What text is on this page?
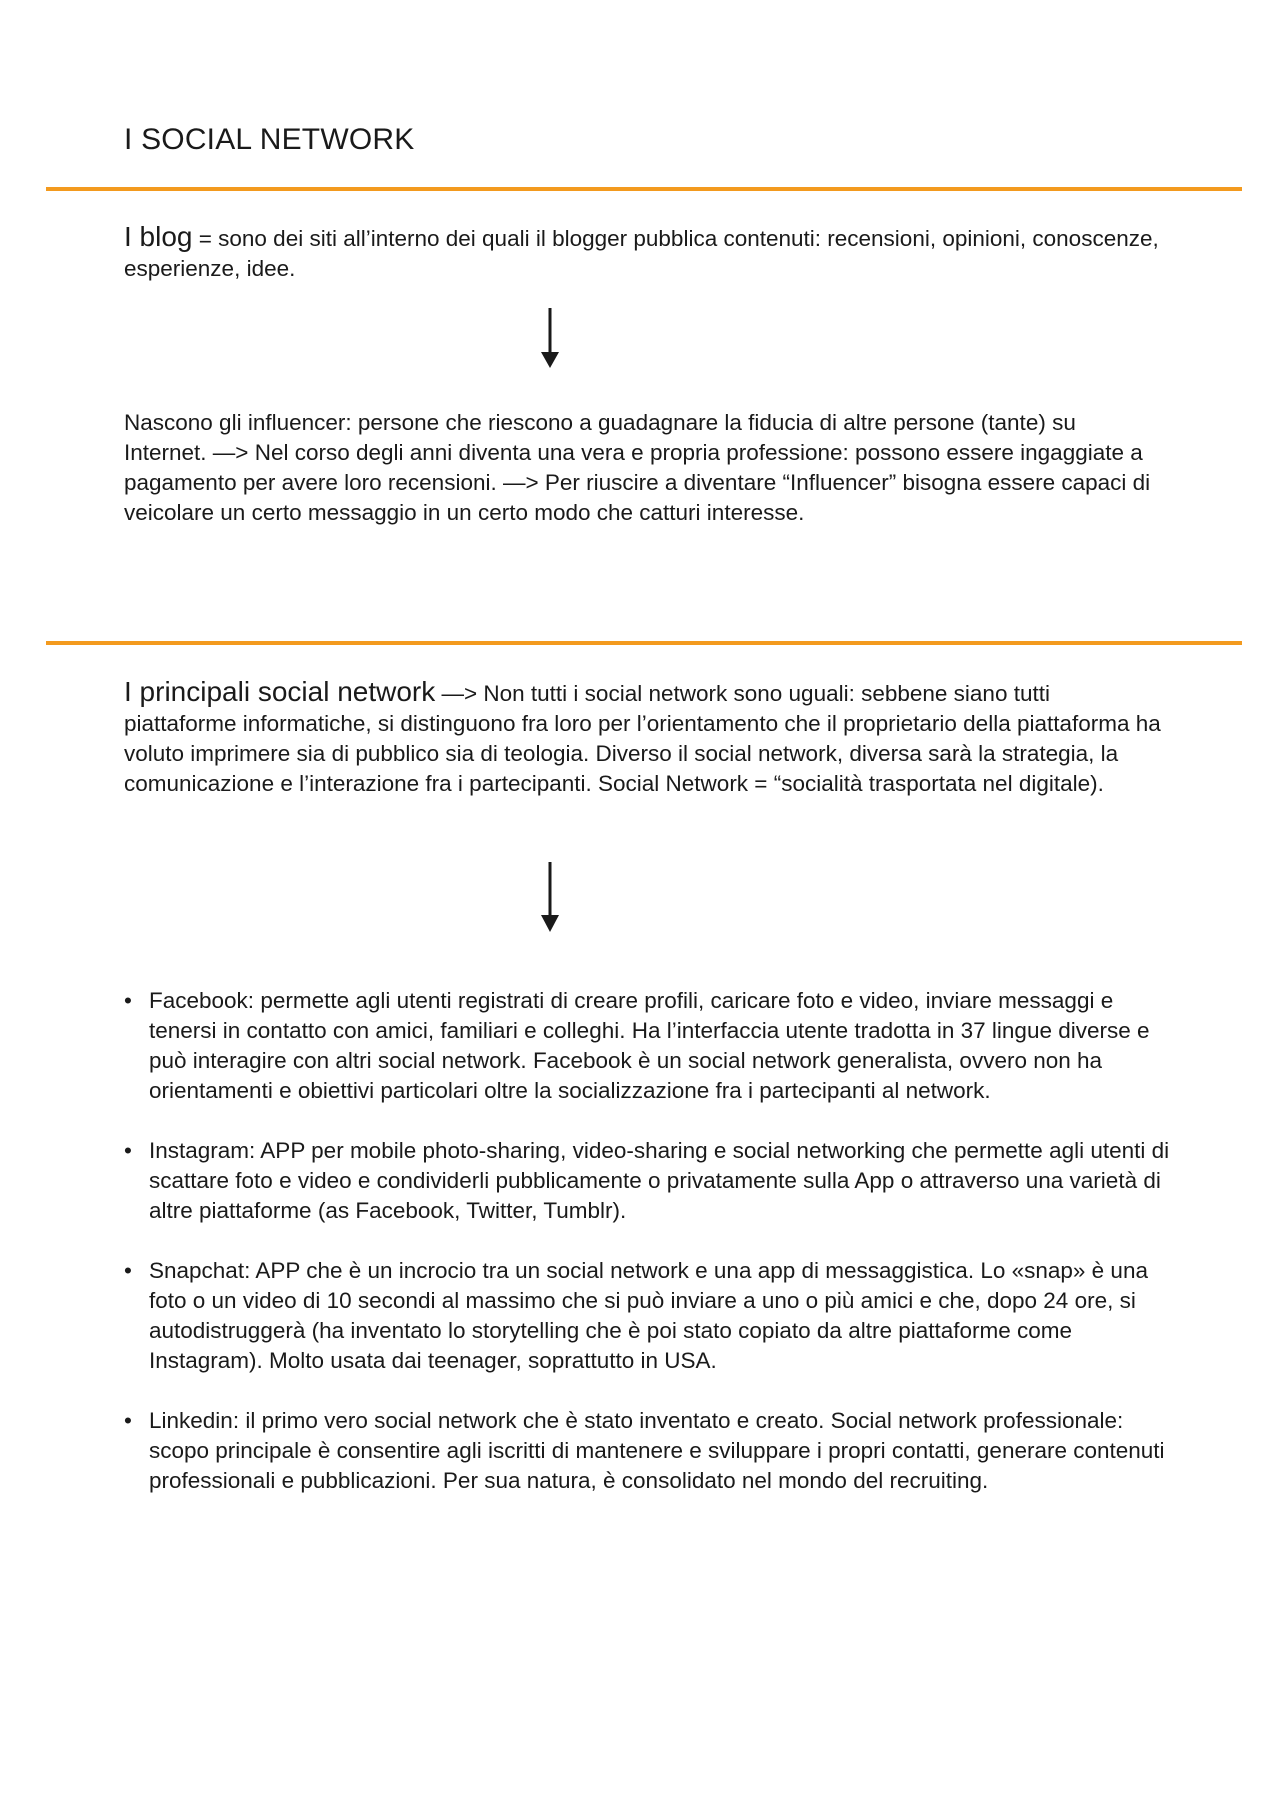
I SOCIAL NETWORK

I blog = sono dei siti all’interno dei quali il blogger pubblica contenuti: recensioni, opinioni, conoscenze, esperienze, idee.

Nascono gli influencer: persone che riescono a guadagnare la fiducia di altre persone (tante) su Internet. —> Nel corso degli anni diventa una vera e propria professione: possono essere ingaggiate a pagamento per avere loro recensioni. —> Per riuscire a diventare “Influencer” bisogna essere capaci di veicolare un certo messaggio in un certo modo che catturi interesse.

I principali social network —> Non tutti i social network sono uguali: sebbene siano tutti piattaforme informatiche, si distinguono fra loro per l’orientamento che il proprietario della piattaforma ha voluto imprimere sia di pubblico sia di teologia. Diverso il social network, diversa sarà la strategia, la comunicazione e l’interazione fra i partecipanti. Social Network = “socialità trasportata nel digitale).

• Facebook: permette agli utenti registrati di creare profili, caricare foto e video, inviare messaggi e tenersi in contatto con amici, familiari e colleghi. Ha l’interfaccia utente tradotta in 37 lingue diverse e può interagire con altri social network. Facebook è un social network generalista, ovvero non ha orientamenti e obiettivi particolari oltre la socializzazione fra i partecipanti al network.
• Instagram: APP per mobile photo-sharing, video-sharing e social networking che permette agli utenti di scattare foto e video e condividerli pubblicamente o privatamente sulla App o attraverso una varietà di altre piattaforme (as Facebook, Twitter, Tumblr).
• Snapchat: APP che è un incrocio tra un social network e una app di messaggistica. Lo «snap» è una foto o un video di 10 secondi al massimo che si può inviare a uno o più amici e che, dopo 24 ore, si autodistruggerà (ha inventato lo storytelling che è poi stato copiato da altre piattaforme come Instagram). Molto usata dai teenager, soprattutto in USA.
• Linkedin: il primo vero social network che è stato inventato e creato. Social network professionale: scopo principale è consentire agli iscritti di mantenere e sviluppare i propri contatti, generare contenuti professionali e pubblicazioni. Per sua natura, è consolidato nel mondo del recruiting.
